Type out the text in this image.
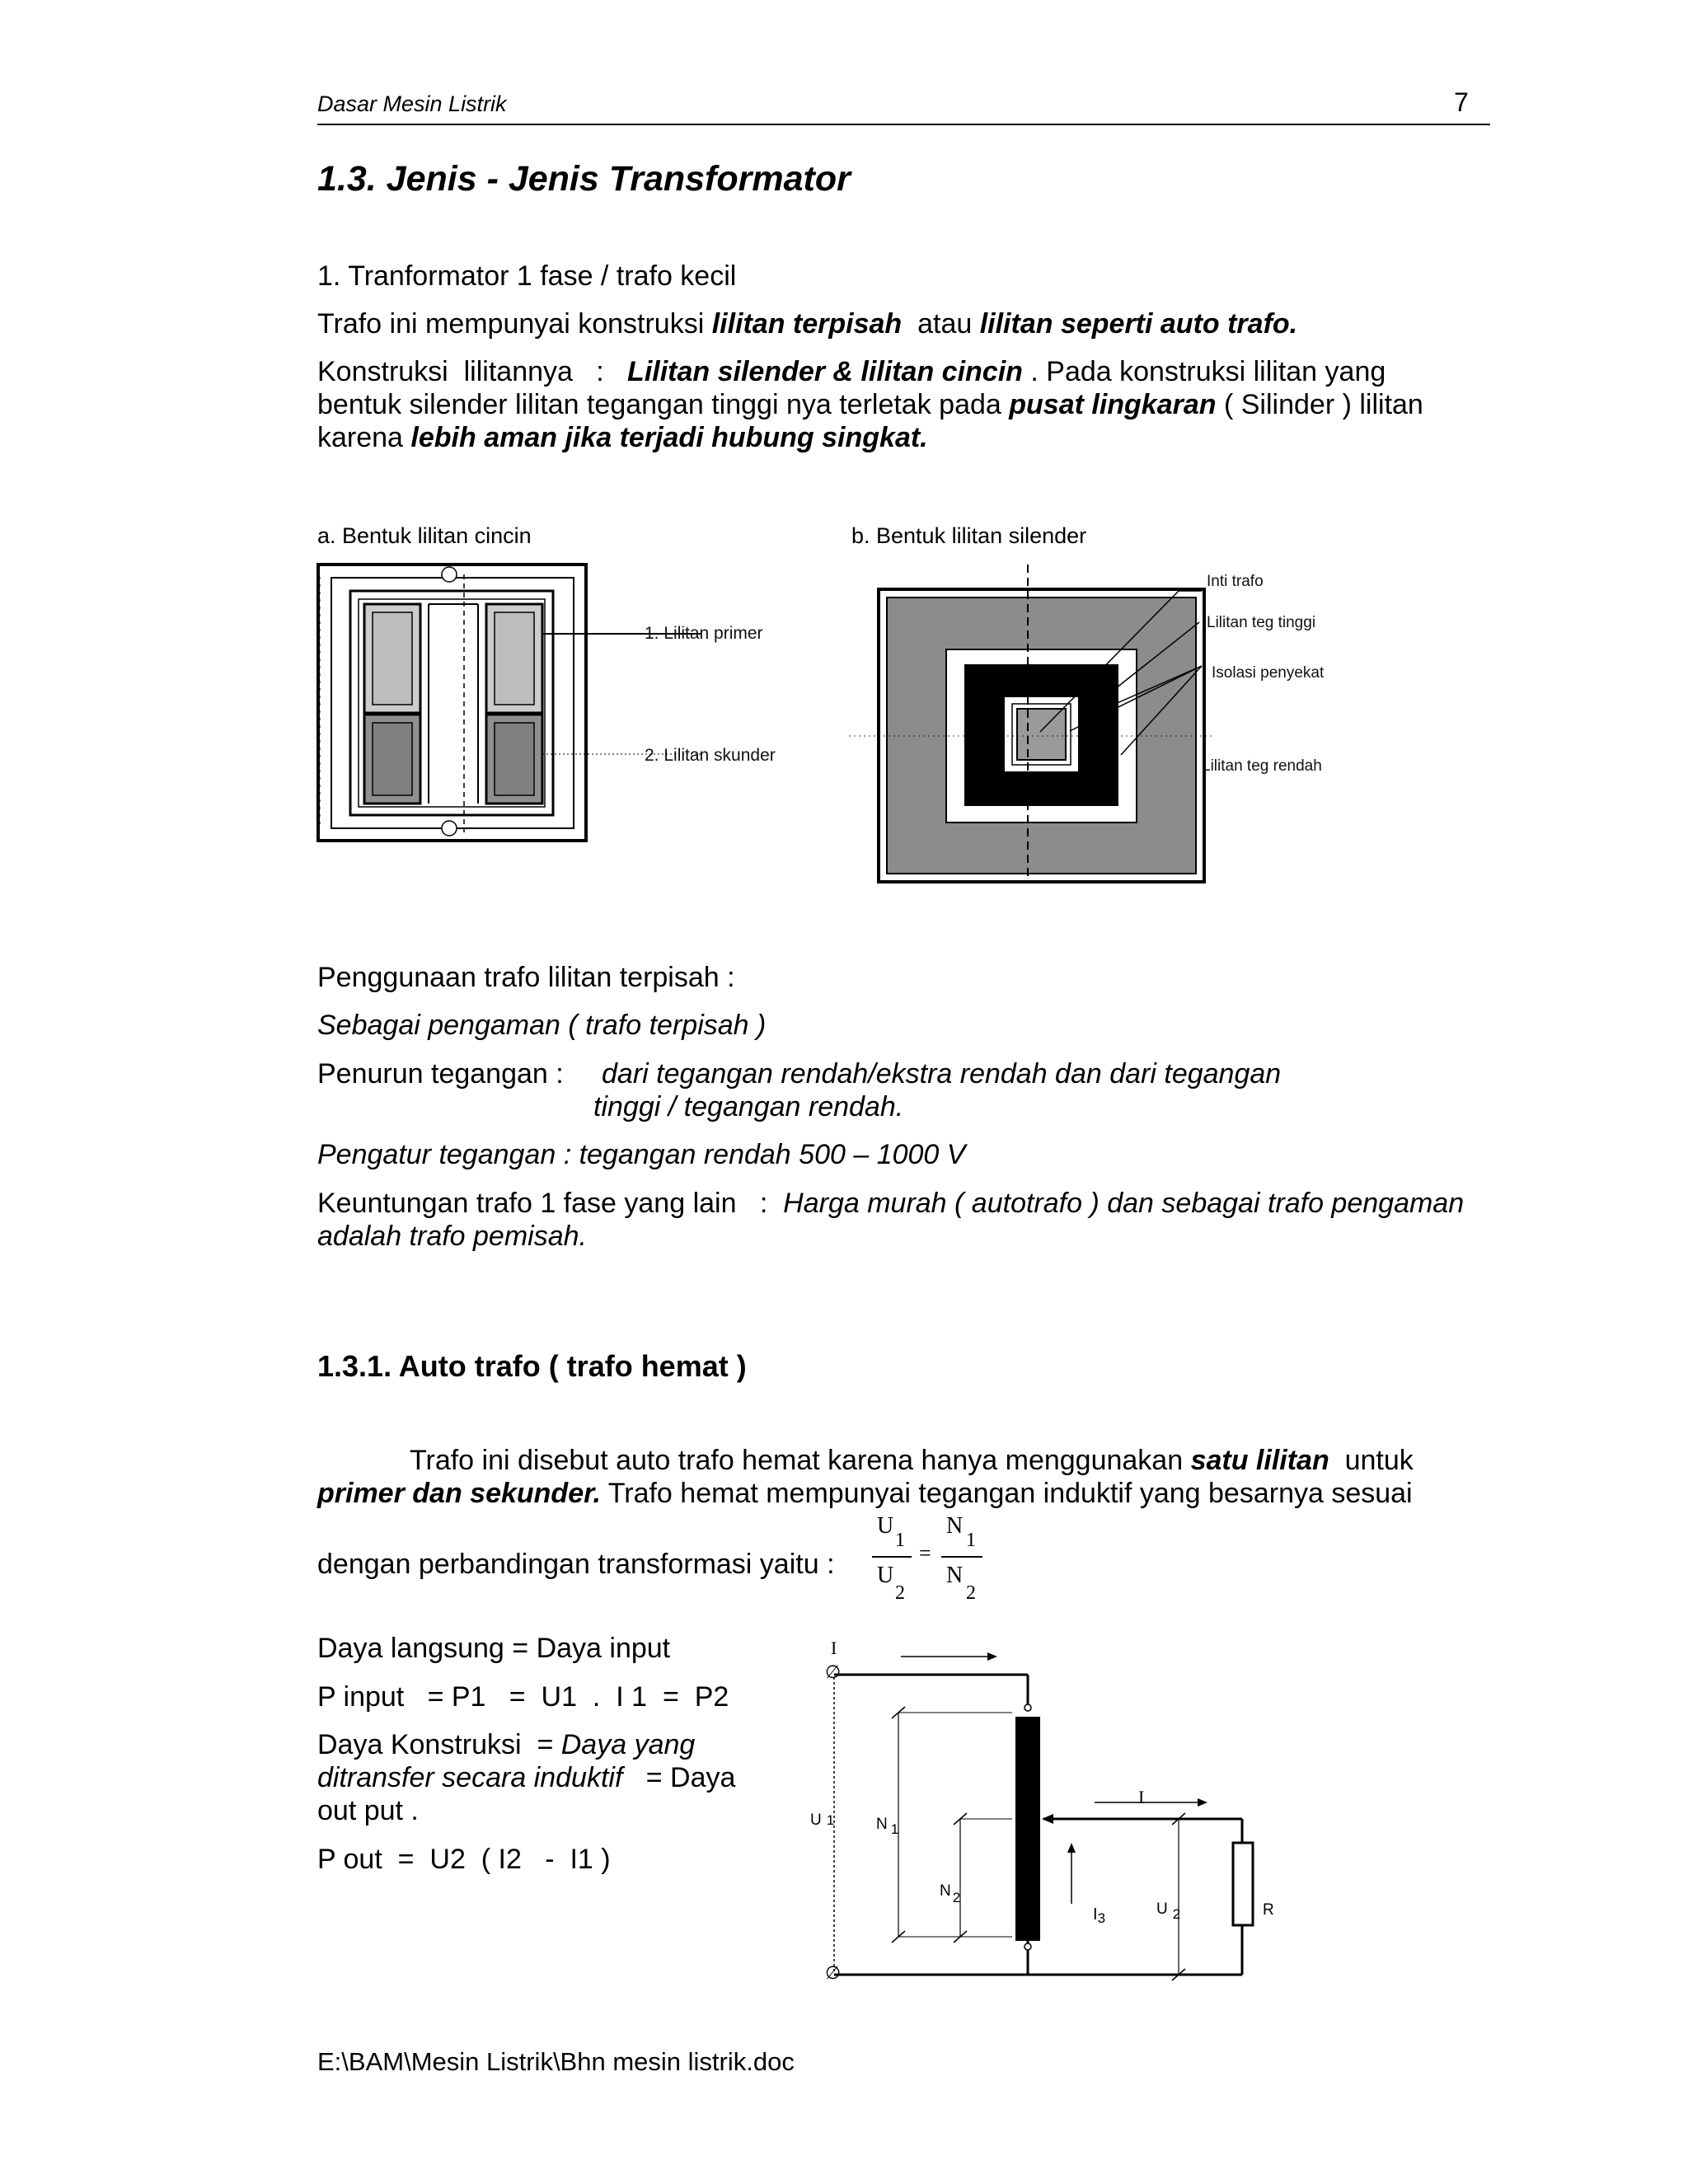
Dasar Mesin Listrik	7
1.3. Jenis - Jenis Transformator
1. Tranformator 1 fase / trafo kecil
Trafo ini mempunyai konstruksi lilitan terpisah  atau lilitan seperti auto trafo.
Konstruksi  lilitannya   :   Lilitan silender & lilitan cincin . Pada konstruksi lilitan yang
bentuk silender lilitan tegangan tinggi nya terletak pada pusat lingkaran ( Silinder ) lilitan
karena lebih aman jika terjadi hubung singkat.
a. Bentuk lilitan cincin	b. Bentuk lilitan silender
1. Lilitan primer
2. Lilitan skunder
Inti trafo
Lilitan teg tinggi
Isolasi penyekat
Lilitan teg rendah
Penggunaan trafo lilitan terpisah :
Sebagai pengaman ( trafo terpisah )
Penurun tegangan : dari tegangan rendah/ekstra rendah dan dari tegangan
tinggi / tegangan rendah.
Pengatur tegangan : tegangan rendah 500 – 1000 V
Keuntungan trafo 1 fase yang lain   :  Harga murah ( autotrafo ) dan sebagai trafo pengaman
adalah trafo pemisah.
1.3.1. Auto trafo ( trafo hemat )
Trafo ini disebut auto trafo hemat karena hanya menggunakan satu lilitan  untuk
primer dan sekunder. Trafo hemat mempunyai tegangan induktif yang besarnya sesuai
dengan perbandingan transformasi yaitu :
U
1
U
2
=
N
1
N
2
Daya langsung = Daya input
P input   = P1   =  U1  .  I 1  =  P2
Daya Konstruksi  = Daya yang
ditransfer secara induktif   = Daya
out put .
P out  =  U2  ( I2   -  I1 )
I
I
∅
∅
U 1	N 1
N 2
$I_3$
U 2	R
E:\BAM\Mesin Listrik\Bhn mesin listrik.doc
